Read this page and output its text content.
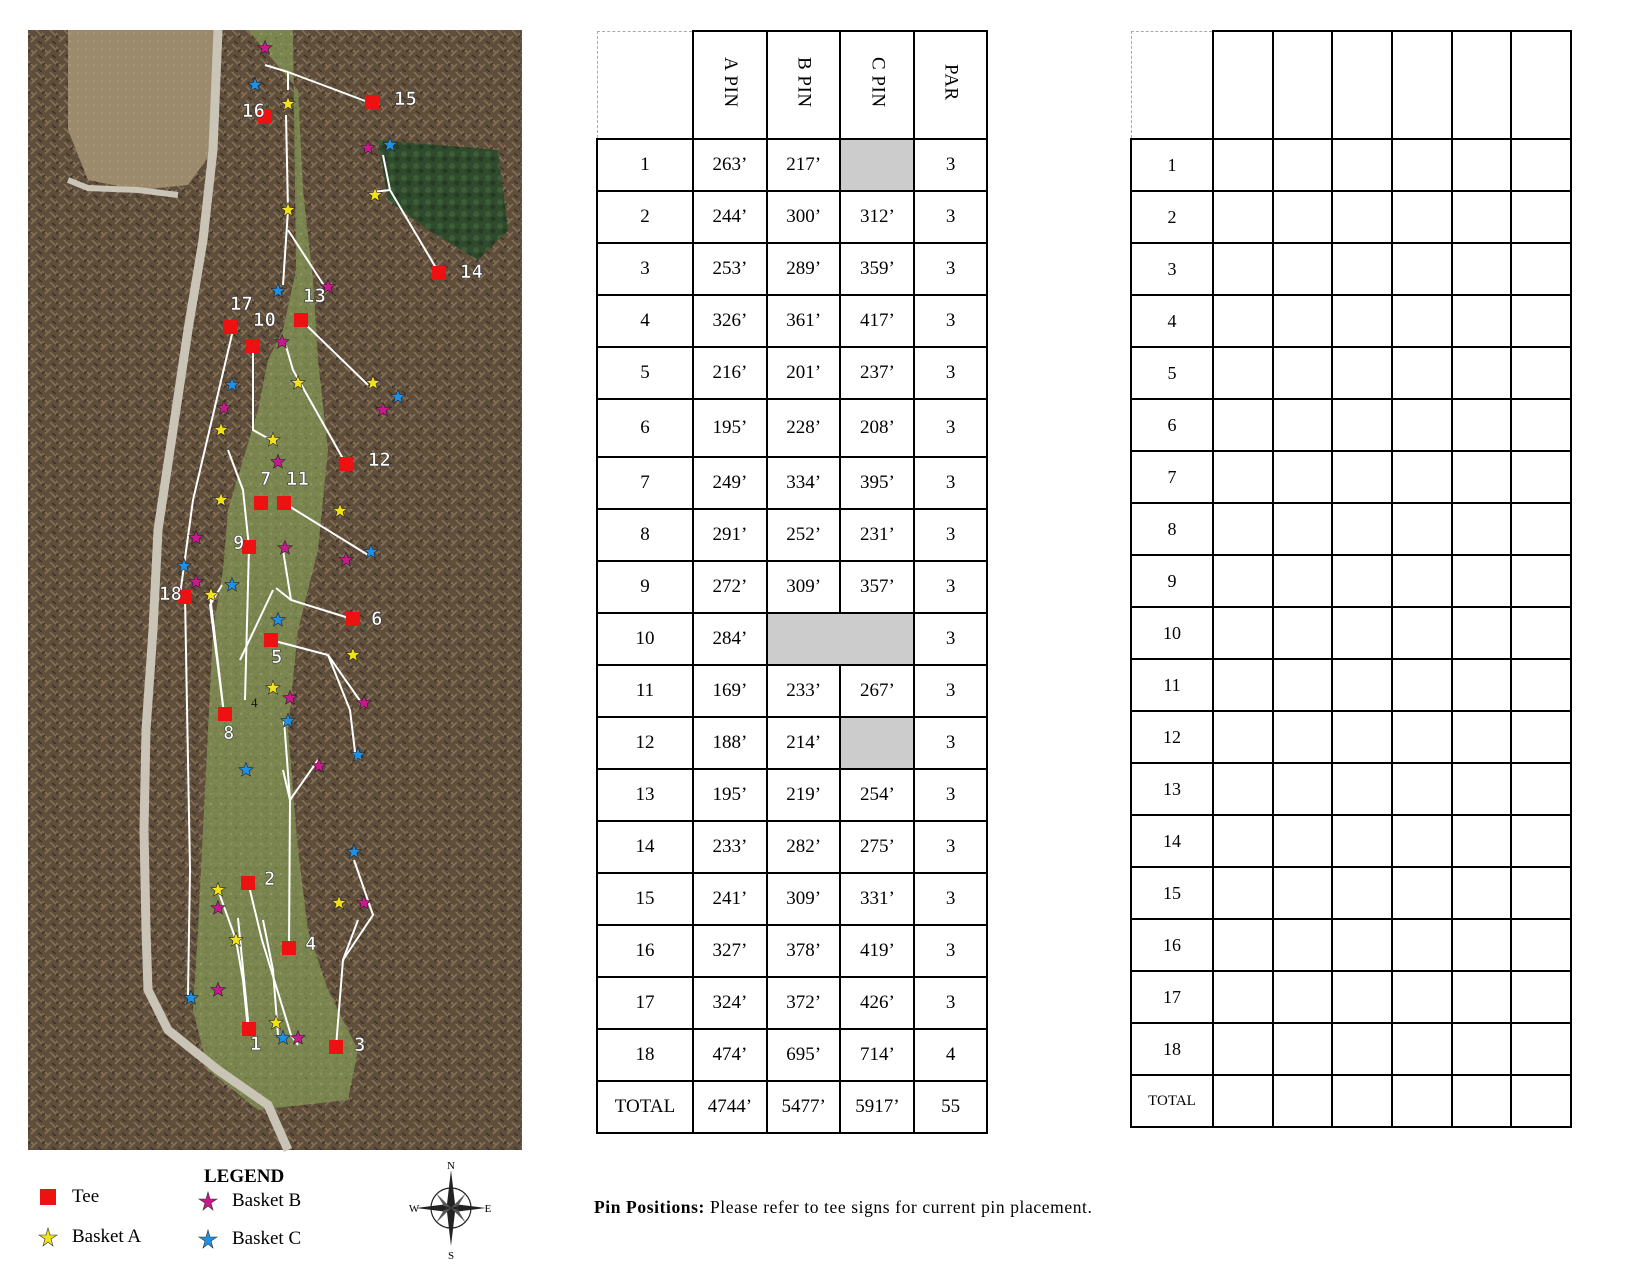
1
2
3
4
5
6
7
8
9
10
11
12
13
14
15
16
17
18
4
LEGEND
Tee
Basket A
Basket B
Basket C
N
S
W	E
	A PIN	B PIN	C PIN	PAR
1	263’	217’		3
2	244’	300’	312’	3
3	253’	289’	359’	3
4	326’	361’	417’	3
5	216’	201’	237’	3
6	195’	228’	208’	3
7	249’	334’	395’	3
8	291’	252’	231’	3
9	272’	309’	357’	3
10	284’			3
11	169’	233’	267’	3
12	188’	214’		3
13	195’	219’	254’	3
14	233’	282’	275’	3
15	241’	309’	331’	3
16	327’	378’	419’	3
17	324’	372’	426’	3
18	474’	695’	714’	4
TOTAL	4744’	5477’	5917’	55
Pin Positions: Please refer to tee signs for current pin placement.

1						
2						
3						
4						
5						
6						
7						
8						
9						
10						
11						
12						
13						
14						
15						
16						
17						
18						
TOTAL						
